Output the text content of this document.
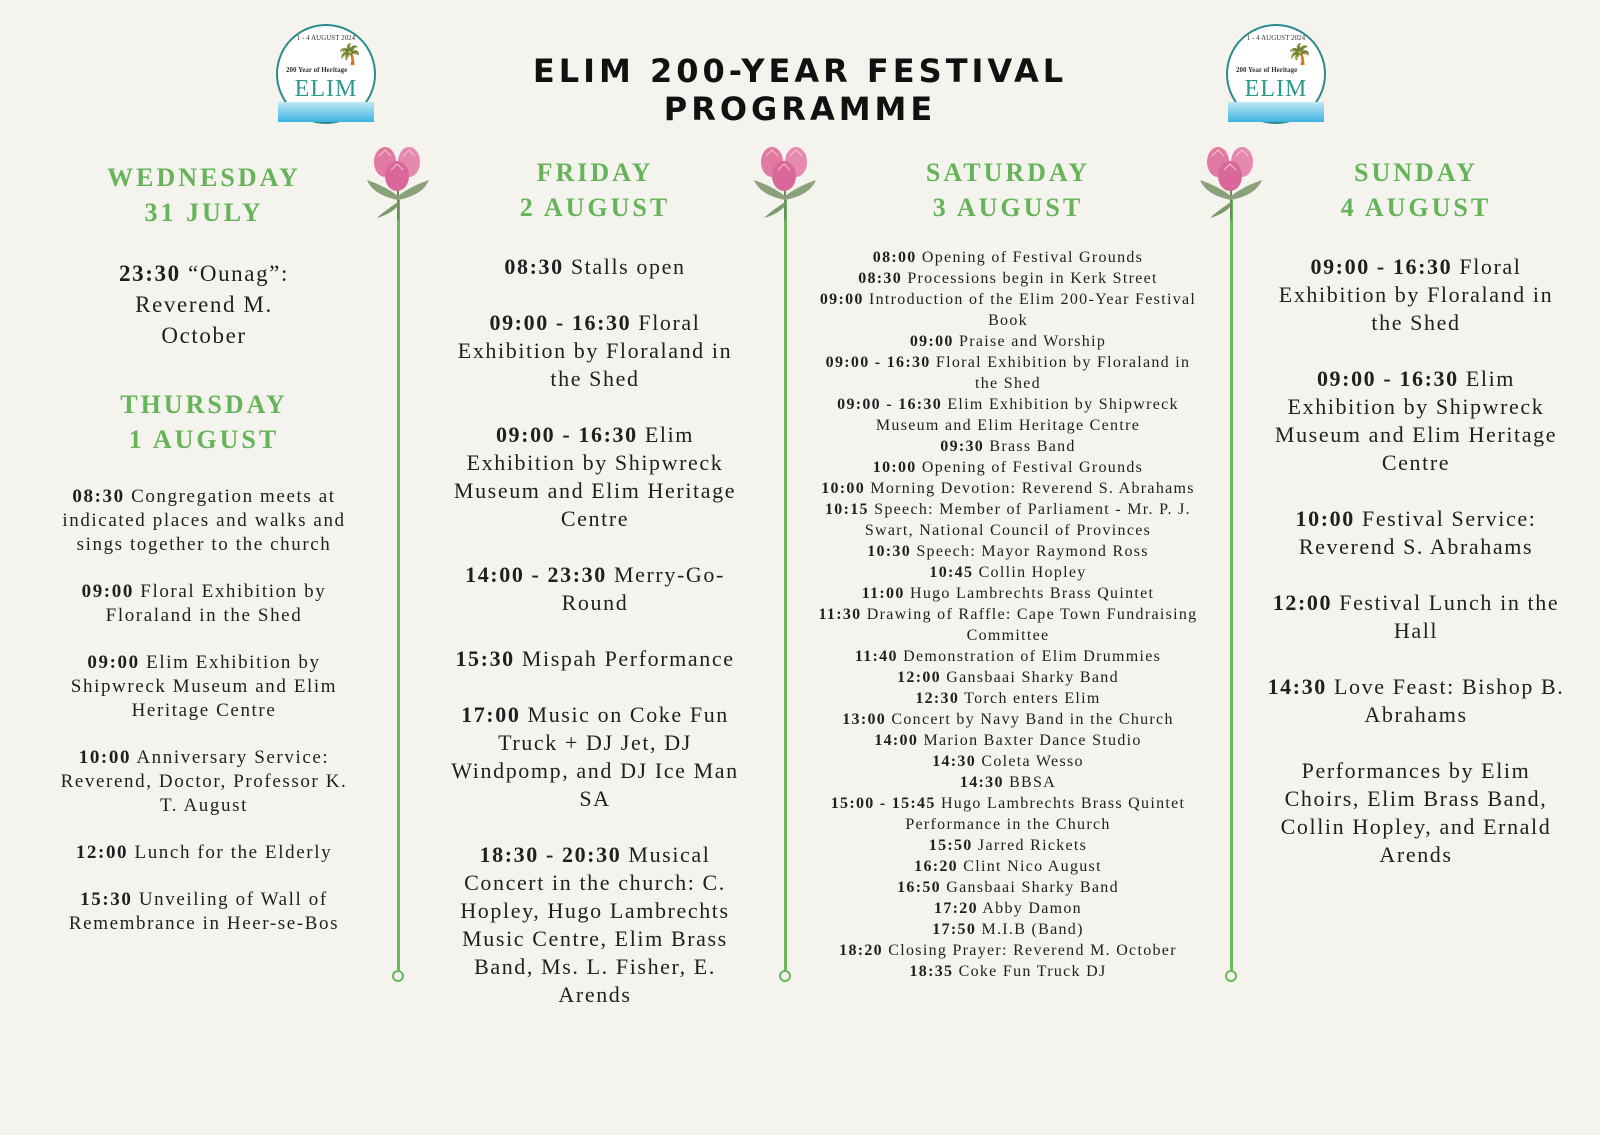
1 - 4 AUGUST 2024
🌴
200 Year of Heritage
ELIM	ELIM 200-YEAR FESTIVAL PROGRAMME
1 - 4 AUGUST 2024
🌴
200 Year of Heritage
ELIM
WEDNESDAY
31 JULY
23:30 “Ounag”: Reverend M. October
THURSDAY
1 AUGUST
08:30 Congregation meets at indicated places and walks and sings together to the church
09:00 Floral Exhibition by Floraland in the Shed
09:00 Elim Exhibition by Shipwreck Museum and Elim Heritage Centre
10:00 Anniversary Service: Reverend, Doctor, Professor K. T. August
12:00 Lunch for the Elderly
15:30 Unveiling of Wall of Remembrance in Heer-se-Bos
FRIDAY
2 AUGUST
08:30 Stalls open
09:00 - 16:30 Floral Exhibition by Floraland in the Shed
09:00 - 16:30 Elim Exhibition by Shipwreck Museum and Elim Heritage Centre
14:00 - 23:30 Merry-Go-Round
15:30 Mispah Performance
17:00 Music on Coke Fun Truck + DJ Jet, DJ Windpomp, and DJ Ice Man SA
18:30 - 20:30 Musical Concert in the church: C. Hopley, Hugo Lambrechts Music Centre, Elim Brass Band, Ms. L. Fisher, E. Arends
SATURDAY
3 AUGUST
08:00 Opening of Festival Grounds
08:30 Processions begin in Kerk Street
09:00 Introduction of the Elim 200-Year Festival Book
09:00 Praise and Worship
09:00 - 16:30 Floral Exhibition by Floraland in the Shed
09:00 - 16:30 Elim Exhibition by Shipwreck Museum and Elim Heritage Centre
09:30 Brass Band
10:00 Opening of Festival Grounds
10:00 Morning Devotion: Reverend S. Abrahams
10:15 Speech: Member of Parliament - Mr. P. J. Swart, National Council of Provinces
10:30 Speech: Mayor Raymond Ross
10:45 Collin Hopley
11:00 Hugo Lambrechts Brass Quintet
11:30 Drawing of Raffle: Cape Town Fundraising Committee
11:40 Demonstration of Elim Drummies
12:00 Gansbaai Sharky Band
12:30 Torch enters Elim
13:00 Concert by Navy Band in the Church
14:00 Marion Baxter Dance Studio
14:30 Coleta Wesso
14:30 BBSA
15:00 - 15:45 Hugo Lambrechts Brass Quintet Performance in the Church
15:50 Jarred Rickets
16:20 Clint Nico August
16:50 Gansbaai Sharky Band
17:20 Abby Damon
17:50 M.I.B (Band)
18:20 Closing Prayer: Reverend M. October
18:35 Coke Fun Truck DJ
SUNDAY
4 AUGUST
09:00 - 16:30 Floral Exhibition by Floraland in the Shed
09:00 - 16:30 Elim Exhibition by Shipwreck Museum and Elim Heritage Centre
10:00 Festival Service: Reverend S. Abrahams
12:00 Festival Lunch in the Hall
14:30 Love Feast: Bishop B. Abrahams
Performances by Elim Choirs, Elim Brass Band, Collin Hopley, and Ernald Arends
